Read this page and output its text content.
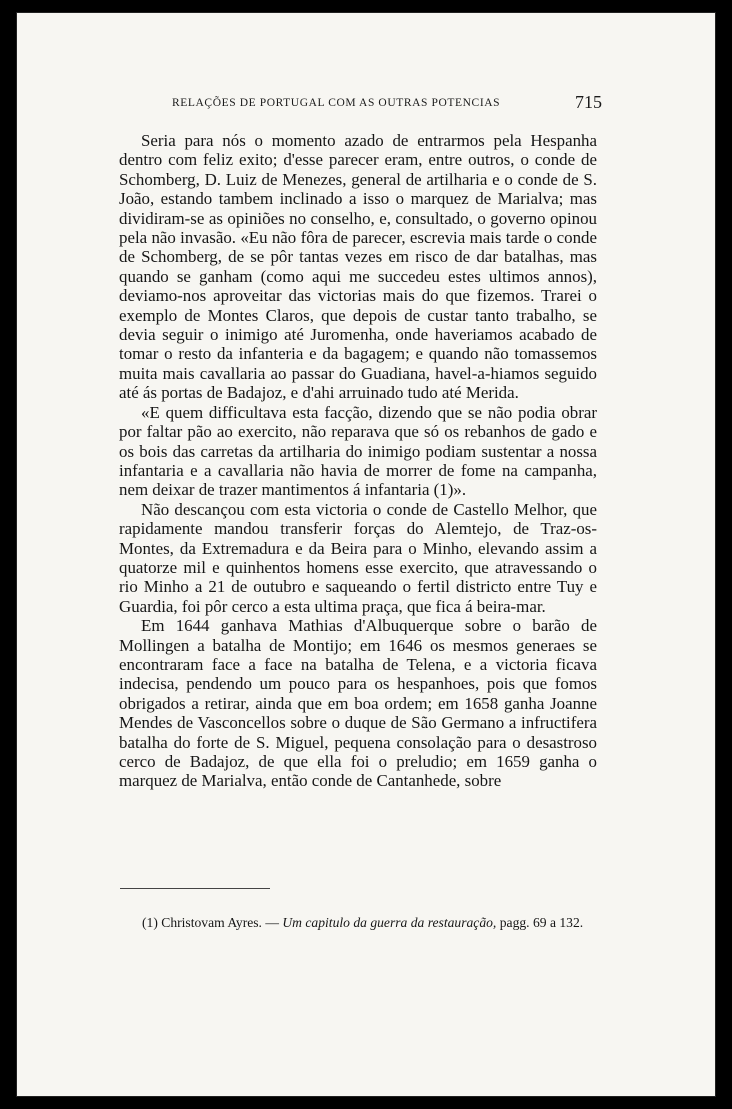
RELAÇÕES DE PORTUGAL COM AS OUTRAS POTENCIAS	715

Seria para nós o momento azado de entrarmos pela Hespanha dentro com feliz exito; d'esse parecer eram, entre outros, o conde de Schomberg, D. Luiz de Menezes, general de artilharia e o conde de S. João, estando tambem inclinado a isso o marquez de Marialva; mas dividiram-se as opiniões no conselho, e, consultado, o governo opinou pela não invasão. «Eu não fôra de parecer, escrevia mais tarde o conde de Schomberg, de se pôr tantas vezes em risco de dar batalhas, mas quando se ganham (como aqui me succedeu estes ultimos annos), deviamo-nos aproveitar das victorias mais do que fizemos. Trarei o exemplo de Montes Claros, que depois de custar tanto trabalho, se devia seguir o inimigo até Juromenha, onde haveriamos acabado de tomar o resto da infanteria e da bagagem; e quando não tomassemos muita mais cavallaria ao passar do Guadiana, havel-a-hiamos seguido até ás portas de Badajoz, e d'ahi arruinado tudo até Merida.

«E quem difficultava esta facção, dizendo que se não podia obrar por faltar pão ao exercito, não reparava que só os rebanhos de gado e os bois das carretas da artilharia do inimigo podiam sustentar a nossa infantaria e a cavallaria não havia de morrer de fome na campanha, nem deixar de trazer mantimentos á infantaria (1)».

Não descançou com esta victoria o conde de Castello Melhor, que rapidamente mandou transferir forças do Alemtejo, de Traz-os-Montes, da Extremadura e da Beira para o Minho, elevando assim a quatorze mil e quinhentos homens esse exercito, que atravessando o rio Minho a 21 de outubro e saqueando o fertil districto entre Tuy e Guardia, foi pôr cerco a esta ultima praça, que fica á beira-mar.

Em 1644 ganhava Mathias d'Albuquerque sobre o barão de Mollingen a batalha de Montijo; em 1646 os mesmos generaes se encontraram face a face na batalha de Telena, e a victoria ficava indecisa, pendendo um pouco para os hespanhoes, pois que fomos obrigados a retirar, ainda que em boa ordem; em 1658 ganha Joanne Mendes de Vasconcellos sobre o duque de São Germano a infructifera batalha do forte de S. Miguel, pequena consolação para o desastroso cerco de Badajoz, de que ella foi o preludio; em 1659 ganha o marquez de Marialva, então conde de Cantanhede, sobre

(1) Christovam Ayres. — Um capitulo da guerra da restauração, pagg. 69 a 132.
